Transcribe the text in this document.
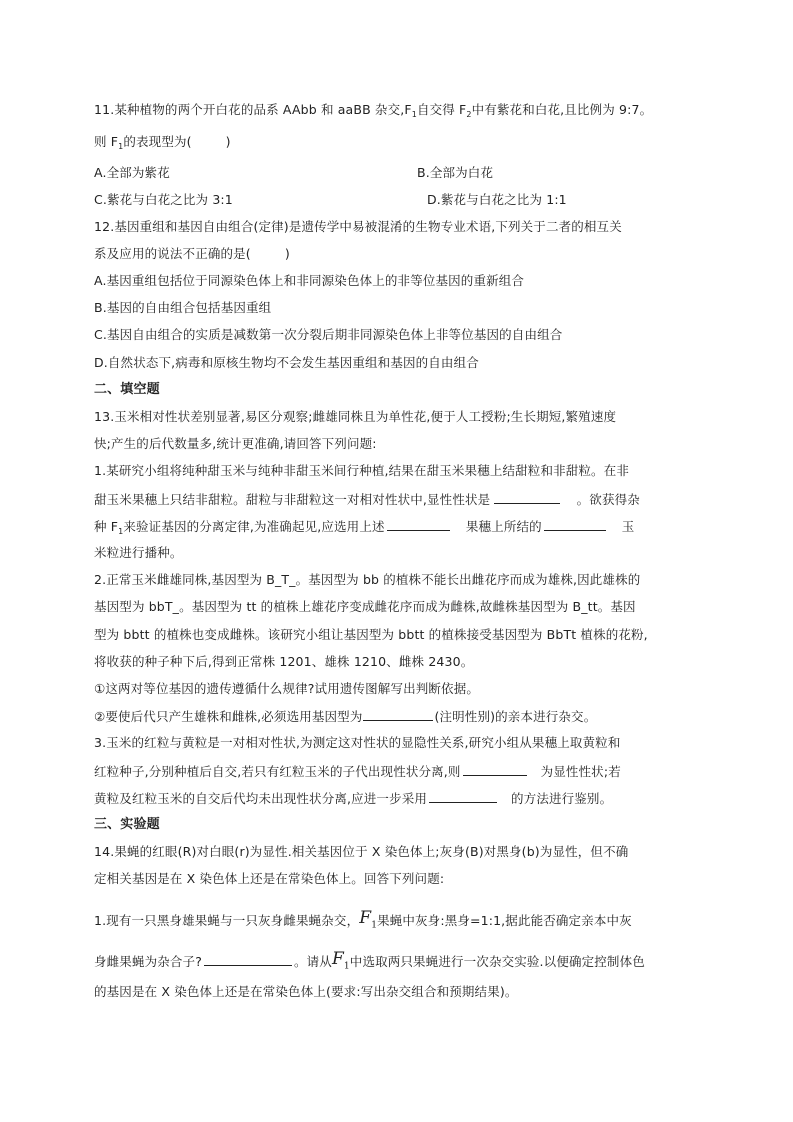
11.某种植物的两个开白花的品系 AAbb 和 aaBB 杂交$,F_1$自交得 $F_2$中有紫花和白花,且比例为 9:7。
则 $F_1$的表现型为(	)
A.全部为紫花	B.全部为白花
C.紫花与白花之比为 3:1	D.紫花与白花之比为 1:1
12.基因重组和基因自由组合(定律)是遗传学中易被混淆的生物专业术语,下列关于二者的相互关
系及应用的说法不正确的是(	)
A.基因重组包括位于同源染色体上和非同源染色体上的非等位基因的重新组合
B.基因的自由组合包括基因重组
C.基因自由组合的实质是减数第一次分裂后期非同源染色体上非等位基因的自由组合
D.自然状态下,病毒和原核生物均不会发生基因重组和基因的自由组合
二、填空题
13.玉米相对性状差别显著,易区分观察;雌雄同株且为单性花,便于人工授粉;生长期短,繁殖速度
快;产生的后代数量多,统计更准确,请回答下列问题:
1.某研究小组将纯种甜玉米与纯种非甜玉米间行种植,结果在甜玉米果穗上结甜粒和非甜粒。在非
甜玉米果穗上只结非甜粒。甜粒与非甜粒这一对相对性状中,显性性状是	。欲获得杂
种 $F_1$来验证基因的分离定律,为准确起见,应选用上述	果穗上所结的	玉
米粒进行播种。
2.正常玉米雌雄同株,基因型为 B_T_。基因型为 bb 的植株不能长出雌花序而成为雄株,因此雄株的
基因型为 bbT_。基因型为 tt 的植株上雄花序变成雌花序而成为雌株,故雌株基因型为 B_tt。基因
型为 bbtt 的植株也变成雌株。该研究小组让基因型为 bbtt 的植株接受基因型为 BbTt 植株的花粉,
将收获的种子种下后,得到正常株 1201、雄株 1210、雌株 2430。
①这两对等位基因的遗传遵循什么规律?试用遗传图解写出判断依据。
②要使后代只产生雄株和雌株,必须选用基因型为	(注明性别)的亲本进行杂交。
3.玉米的红粒与黄粒是一对相对性状,为测定这对性状的显隐性关系,研究小组从果穗上取黄粒和
红粒种子,分别种植后自交,若只有红粒玉米的子代出现性状分离,则	为显性性状;若
黄粒及红粒玉米的自交后代均未出现性状分离,应进一步采用	的方法进行鉴别。
三、实验题
14.果蝇的红眼(R)对白眼(r)为显性.相关基因位于 X 染色体上;灰身(B)对黑身(b)为显性，但不确
定相关基因是在 X 染色体上还是在常染色体上。回答下列问题:
1.现有一只黑身雄果蝇与一只灰身雌果蝇杂交，$F_1$果蝇中灰身:黑身=1:1,据此能否确定亲本中灰
身雌果蝇为杂合子?	。请从$F_1$中选取两只果蝇进行一次杂交实验.以便确定控制体色
的基因是在 X 染色体上还是在常染色体上(要求:写出杂交组合和预期结果)。
